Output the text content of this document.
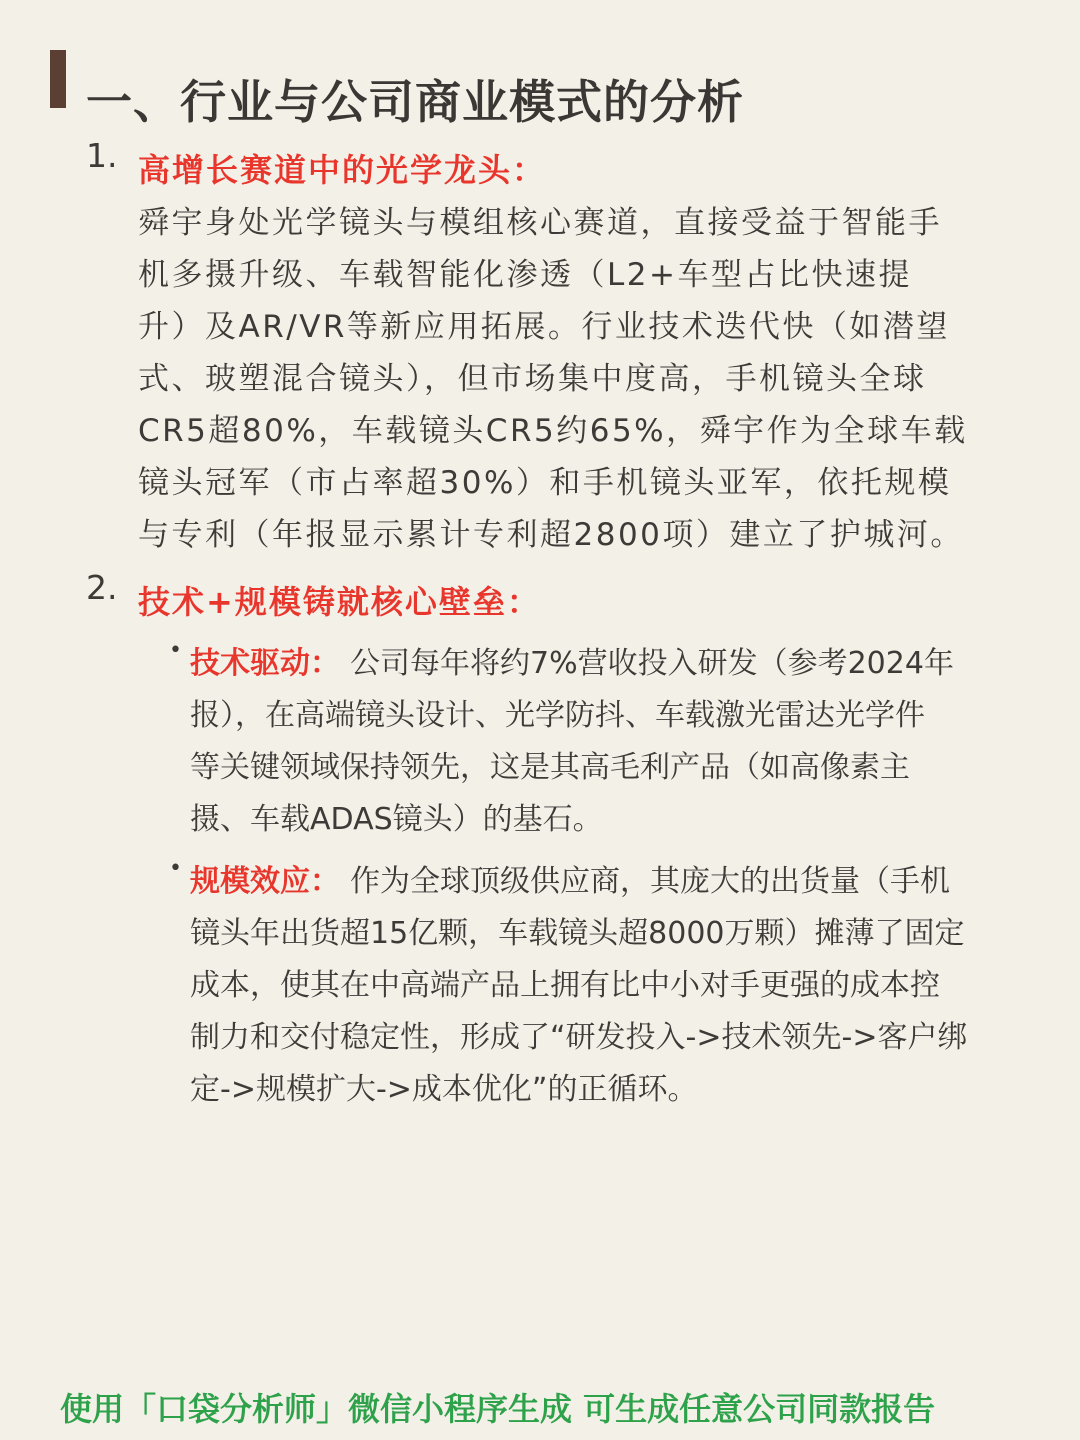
一、行业与公司商业模式的分析
1. 高增长赛道中的光学龙头：
舜宇身处光学镜头与模组核心赛道，直接受益于智能手
机多摄升级、车载智能化渗透（L2+车型占比快速提
升）及AR/VR等新应用拓展。行业技术迭代快（如潜望
式、玻塑混合镜头），但市场集中度高，手机镜头全球
CR5超80%，车载镜头CR5约65%，舜宇作为全球车载
镜头冠军（市占率超30%）和手机镜头亚军，依托规模
与专利（年报显示累计专利超2800项）建立了护城河。
2. 技术+规模铸就核心壁垒：
• 技术驱动： 公司每年将约7%营收投入研发（参考2024年
报），在高端镜头设计、光学防抖、车载激光雷达光学件
等关键领域保持领先，这是其高毛利产品（如高像素主
摄、车载ADAS镜头）的基石。
• 规模效应： 作为全球顶级供应商，其庞大的出货量（手机
镜头年出货超15亿颗，车载镜头超8000万颗）摊薄了固定
成本，使其在中高端产品上拥有比中小对手更强的成本控
制力和交付稳定性，形成了“研发投入->技术领先->客户绑
定->规模扩大->成本优化”的正循环。
使用「口袋分析师」微信小程序生成 可生成任意公司同款报告
